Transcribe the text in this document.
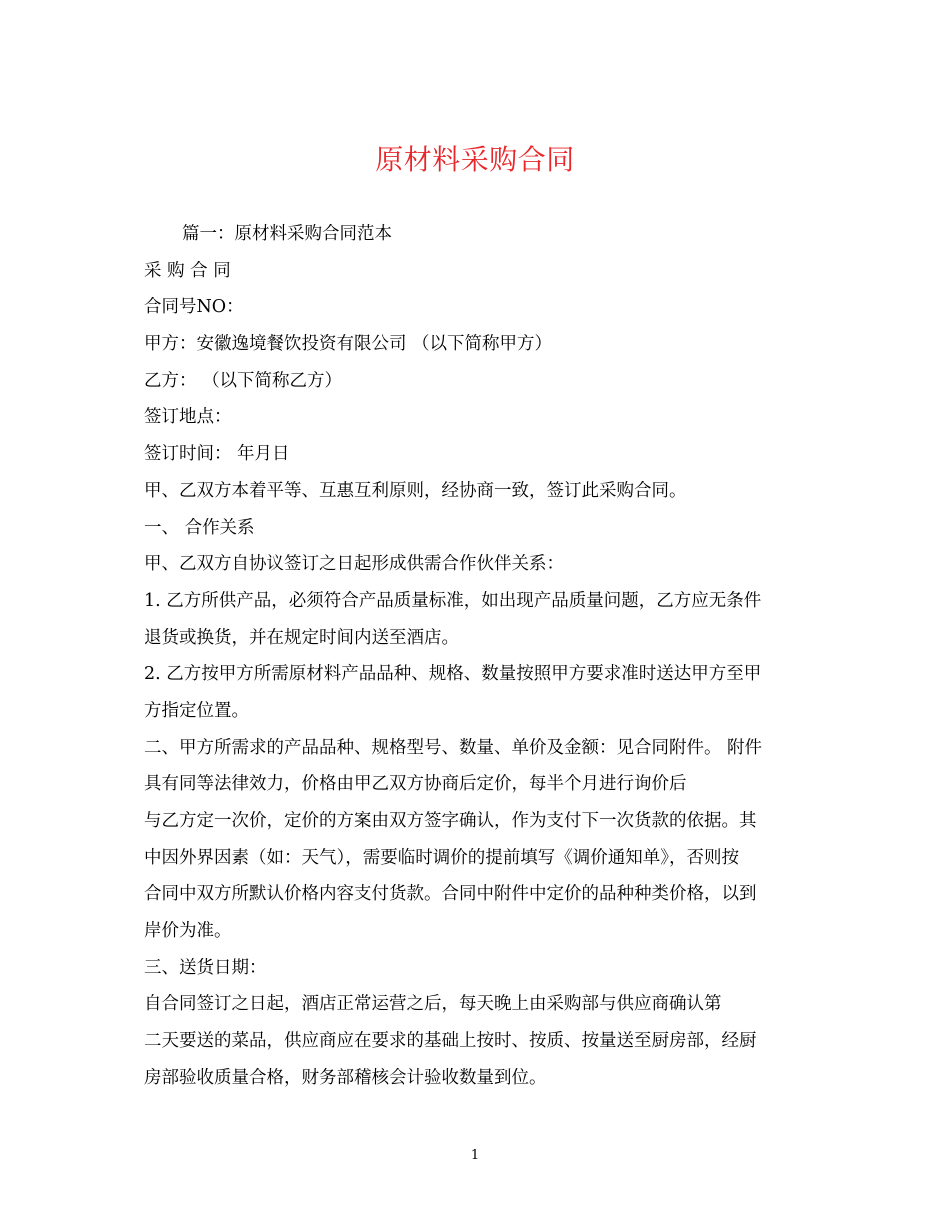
原材料采购合同
篇一：原材料采购合同范本
采 购 合 同
合同号NO：
甲方：安徽逸境餐饮投资有限公司 （以下简称甲方）
乙方： （以下简称乙方）
签订地点：
签订时间： 年月日
甲、乙双方本着平等、互惠互利原则，经协商一致，签订此采购合同。
一、 合作关系
甲、乙双方自协议签订之日起形成供需合作伙伴关系：
1. 乙方所供产品，必须符合产品质量标准，如出现产品质量问题，乙方应无条件
退货或换货，并在规定时间内送至酒店。
2. 乙方按甲方所需原材料产品品种、规格、数量按照甲方要求准时送达甲方至甲
方指定位置。
二、甲方所需求的产品品种、规格型号、数量、单价及金额：见合同附件。 附件
具有同等法律效力，价格由甲乙双方协商后定价，每半个月进行询价后
与乙方定一次价，定价的方案由双方签字确认，作为支付下一次货款的依据。其
中因外界因素（如：天气），需要临时调价的提前填写《调价通知单》，否则按
合同中双方所默认价格内容支付货款。合同中附件中定价的品种种类价格，以到
岸价为准。
三、送货日期：
自合同签订之日起，酒店正常运营之后，每天晚上由采购部与供应商确认第
二天要送的菜品，供应商应在要求的基础上按时、按质、按量送至厨房部，经厨
房部验收质量合格，财务部稽核会计验收数量到位。
1
